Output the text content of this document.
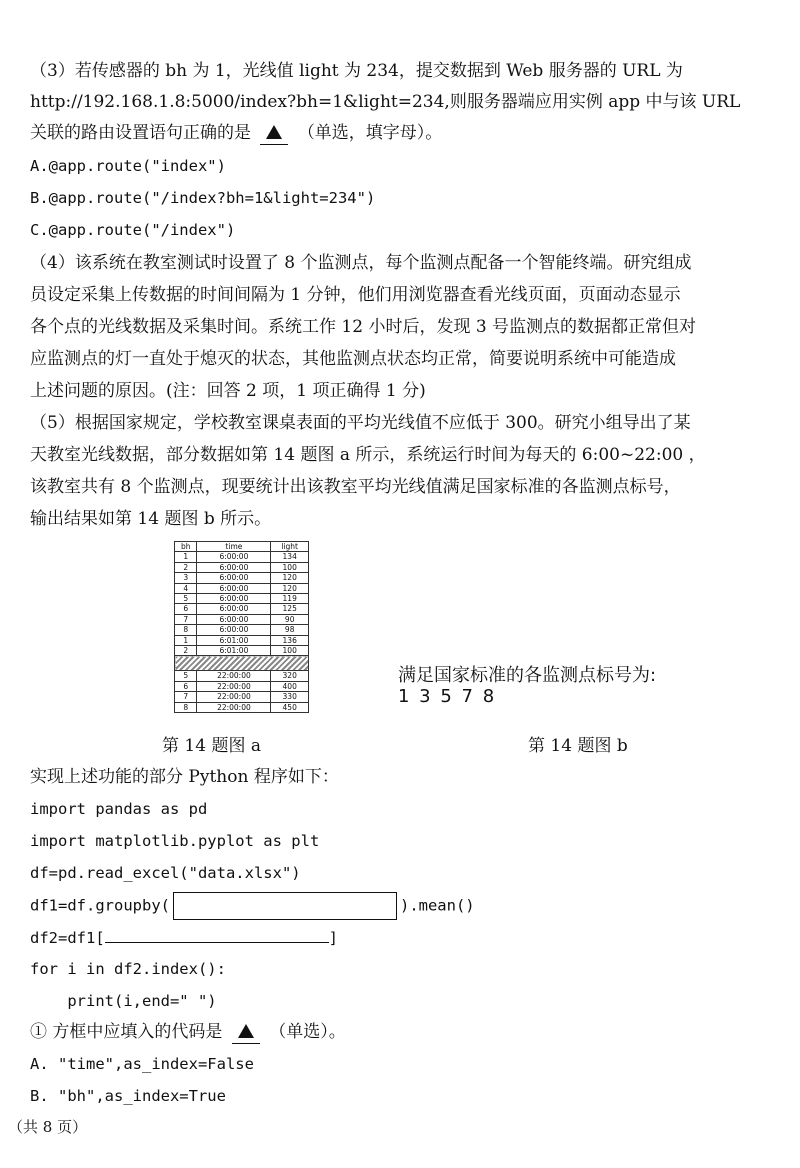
（3）若传感器的 bh 为 1，光线值 light 为 234，提交数据到 Web 服务器的 URL 为
http://192.168.1.8:5000/index?bh=1&light=234,则服务器端应用实例 app 中与该 URL
关联的路由设置语句正确的是	（单选，填字母）。
A.@app.route("index")
B.@app.route("/index?bh=1&light=234")
C.@app.route("/index")
（4）该系统在教室测试时设置了 8 个监测点，每个监测点配备一个智能终端。研究组成
员设定采集上传数据的时间间隔为 1 分钟，他们用浏览器查看光线页面，页面动态显示
各个点的光线数据及采集时间。系统工作 12 小时后，发现 3 号监测点的数据都正常但对
应监测点的灯一直处于熄灭的状态，其他监测点状态均正常，简要说明系统中可能造成
上述问题的原因。(注：回答 2 项，1 项正确得 1 分)
（5）根据国家规定，学校教室课桌表面的平均光线值不应低于 300。研究小组导出了某
天教室光线数据，部分数据如第 14 题图 a 所示，系统运行时间为每天的 6:00~22:00 ，
该教室共有 8 个监测点，现要统计出该教室平均光线值满足国家标准的各监测点标号，
输出结果如第 14 题图 b 所示。
bh	time	light
1	6:00:00	134
2	6:00:00	100
3	6:00:00	120
4	6:00:00	120
5	6:00:00	119
6	6:00:00	125
7	6:00:00	90
8	6:00:00	98
1	6:01:00	136
2	6:01:00	100

5	22:00:00	320
6	22:00:00	400
7	22:00:00	330
8	22:00:00	450
第 14 题图 a
满足国家标准的各监测点标号为:
1 3 5 7 8
第 14 题图 b
实现上述功能的部分 Python 程序如下：
import pandas as pd
import matplotlib.pyplot as plt
df=pd.read_excel("data.xlsx")
df1=df.groupby(	).mean()
df2=df1[	]
for i in df2.index():
print(i,end=" ")
① 方框中应填入的代码是	（单选）。
A. "time",as_index=False
B. "bh",as_index=True
（共 8 页）
